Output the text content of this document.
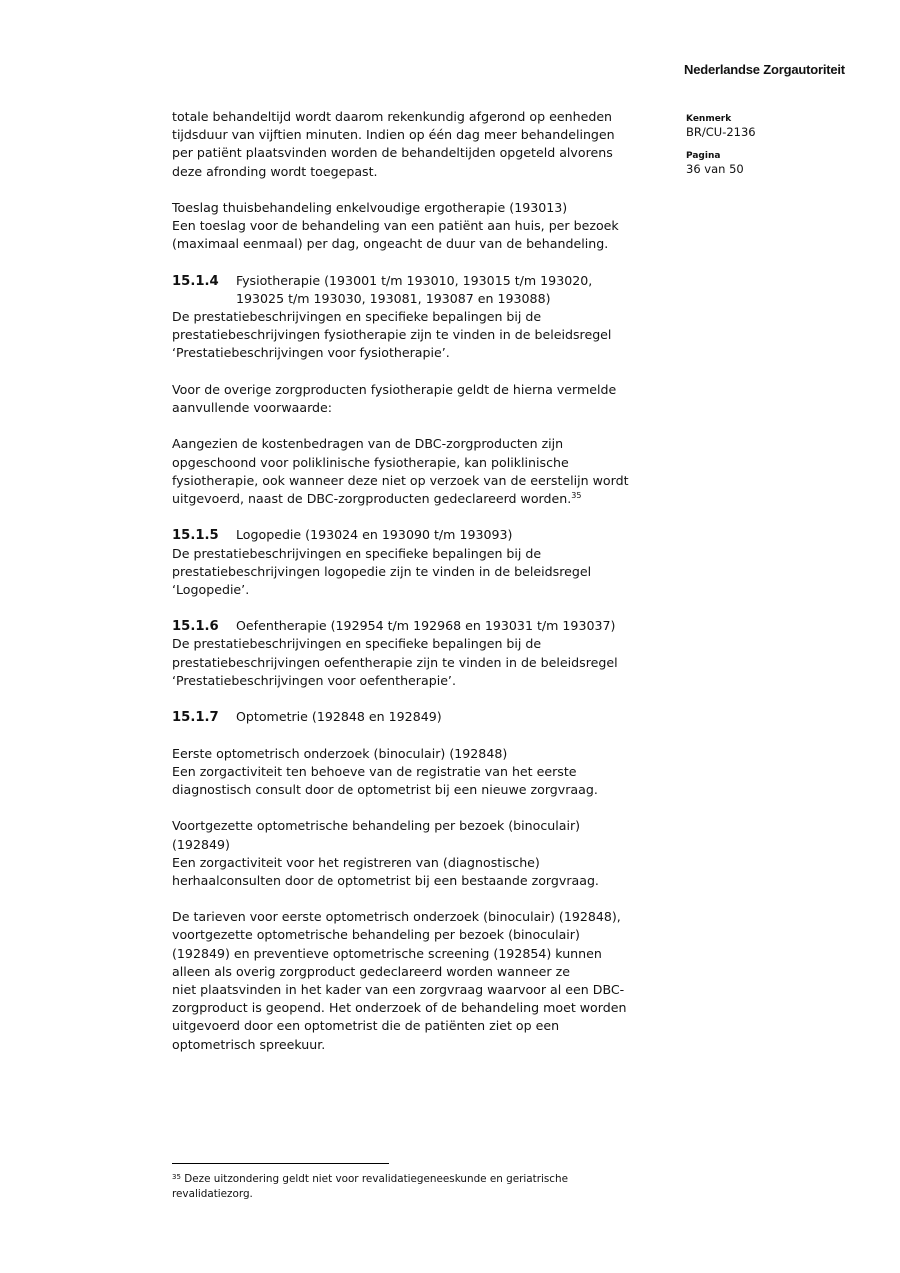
Nederlandse Zorgautoriteit
Kenmerk
BR/CU-2136
Pagina
36 van 50
totale behandeltijd wordt daarom rekenkundig afgerond op eenheden
tijdsduur van vijftien minuten. Indien op één dag meer behandelingen
per patiënt plaatsvinden worden de behandeltijden opgeteld alvorens
deze afronding wordt toegepast.
Toeslag thuisbehandeling enkelvoudige ergotherapie (193013)
Een toeslag voor de behandeling van een patiënt aan huis, per bezoek
(maximaal eenmaal) per dag, ongeacht de duur van de behandeling.
15.1.4 Fysiotherapie (193001 t/m 193010, 193015 t/m 193020,
193025 t/m 193030, 193081, 193087 en 193088)
De prestatiebeschrijvingen en specifieke bepalingen bij de
prestatiebeschrijvingen fysiotherapie zijn te vinden in de beleidsregel
‘Prestatiebeschrijvingen voor fysiotherapie’.
Voor de overige zorgproducten fysiotherapie geldt de hierna vermelde
aanvullende voorwaarde:
Aangezien de kostenbedragen van de DBC-zorgproducten zijn
opgeschoond voor poliklinische fysiotherapie, kan poliklinische
fysiotherapie, ook wanneer deze niet op verzoek van de eerstelijn wordt
uitgevoerd, naast de DBC-zorgproducten gedeclareerd worden.$^{35}$
15.1.5 Logopedie (193024 en 193090 t/m 193093)
De prestatiebeschrijvingen en specifieke bepalingen bij de
prestatiebeschrijvingen logopedie zijn te vinden in de beleidsregel
‘Logopedie’.
15.1.6 Oefentherapie (192954 t/m 192968 en 193031 t/m 193037)
De prestatiebeschrijvingen en specifieke bepalingen bij de
prestatiebeschrijvingen oefentherapie zijn te vinden in de beleidsregel
‘Prestatiebeschrijvingen voor oefentherapie’.
15.1.7 Optometrie (192848 en 192849)
Eerste optometrisch onderzoek (binoculair) (192848)
Een zorgactiviteit ten behoeve van de registratie van het eerste
diagnostisch consult door de optometrist bij een nieuwe zorgvraag.
Voortgezette optometrische behandeling per bezoek (binoculair)
(192849)
Een zorgactiviteit voor het registreren van (diagnostische)
herhaalconsulten door de optometrist bij een bestaande zorgvraag.
De tarieven voor eerste optometrisch onderzoek (binoculair) (192848),
voortgezette optometrische behandeling per bezoek (binoculair)
(192849) en preventieve optometrische screening (192854) kunnen
alleen als overig zorgproduct gedeclareerd worden wanneer ze
niet plaatsvinden in het kader van een zorgvraag waarvoor al een DBC-
zorgproduct is geopend. Het onderzoek of de behandeling moet worden
uitgevoerd door een optometrist die de patiënten ziet op een
optometrisch spreekuur.
$^{35}$ Deze uitzondering geldt niet voor revalidatiegeneeskunde en geriatrische
revalidatiezorg.
